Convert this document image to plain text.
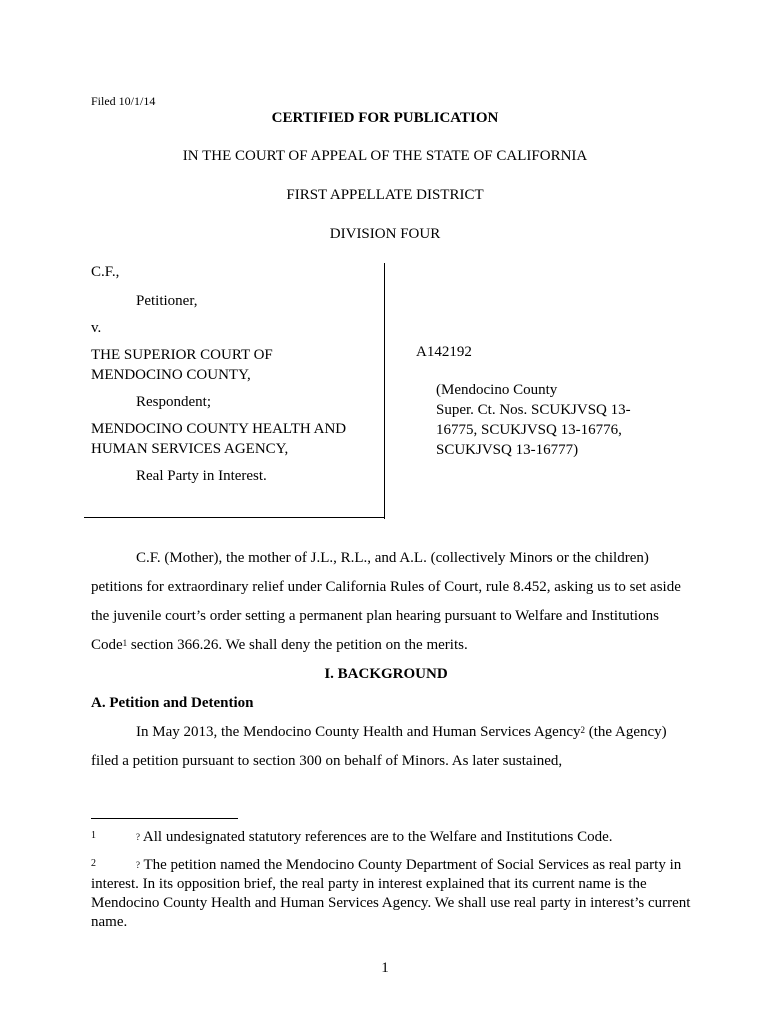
Filed 10/1/14
CERTIFIED FOR PUBLICATION
IN THE COURT OF APPEAL OF THE STATE OF CALIFORNIA
FIRST APPELLATE DISTRICT
DIVISION FOUR
C.F.,
Petitioner,
v.
THE SUPERIOR COURT OF
MENDOCINO COUNTY,
Respondent;
MENDOCINO COUNTY HEALTH AND
HUMAN SERVICES AGENCY,
Real Party in Interest.
A142192
(Mendocino County
Super. Ct. Nos. SCUKJVSQ 13-
16775, SCUKJVSQ 13-16776,
SCUKJVSQ 13-16777)

C.F. (Mother), the mother of J.L., R.L., and A.L. (collectively Minors or the children) petitions for extraordinary relief under California Rules of Court, rule 8.452, asking us to set aside the juvenile court’s order setting a permanent plan hearing pursuant to Welfare and Institutions Code$^1$ section 366.26. We shall deny the petition on the merits.

I. BACKGROUND

A. Petition and Detention

In May 2013, the Mendocino County Health and Human Services Agency$^2$ (the Agency) filed a petition pursuant to section 300 on behalf of Minors. As later sustained,

1	? All undesignated statutory references are to the Welfare and Institutions Code.
2	? The petition named the Mendocino County Department of Social Services as real party in interest. In its opposition brief, the real party in interest explained that its current name is the Mendocino County Health and Human Services Agency. We shall use real party in interest’s current name.
1
